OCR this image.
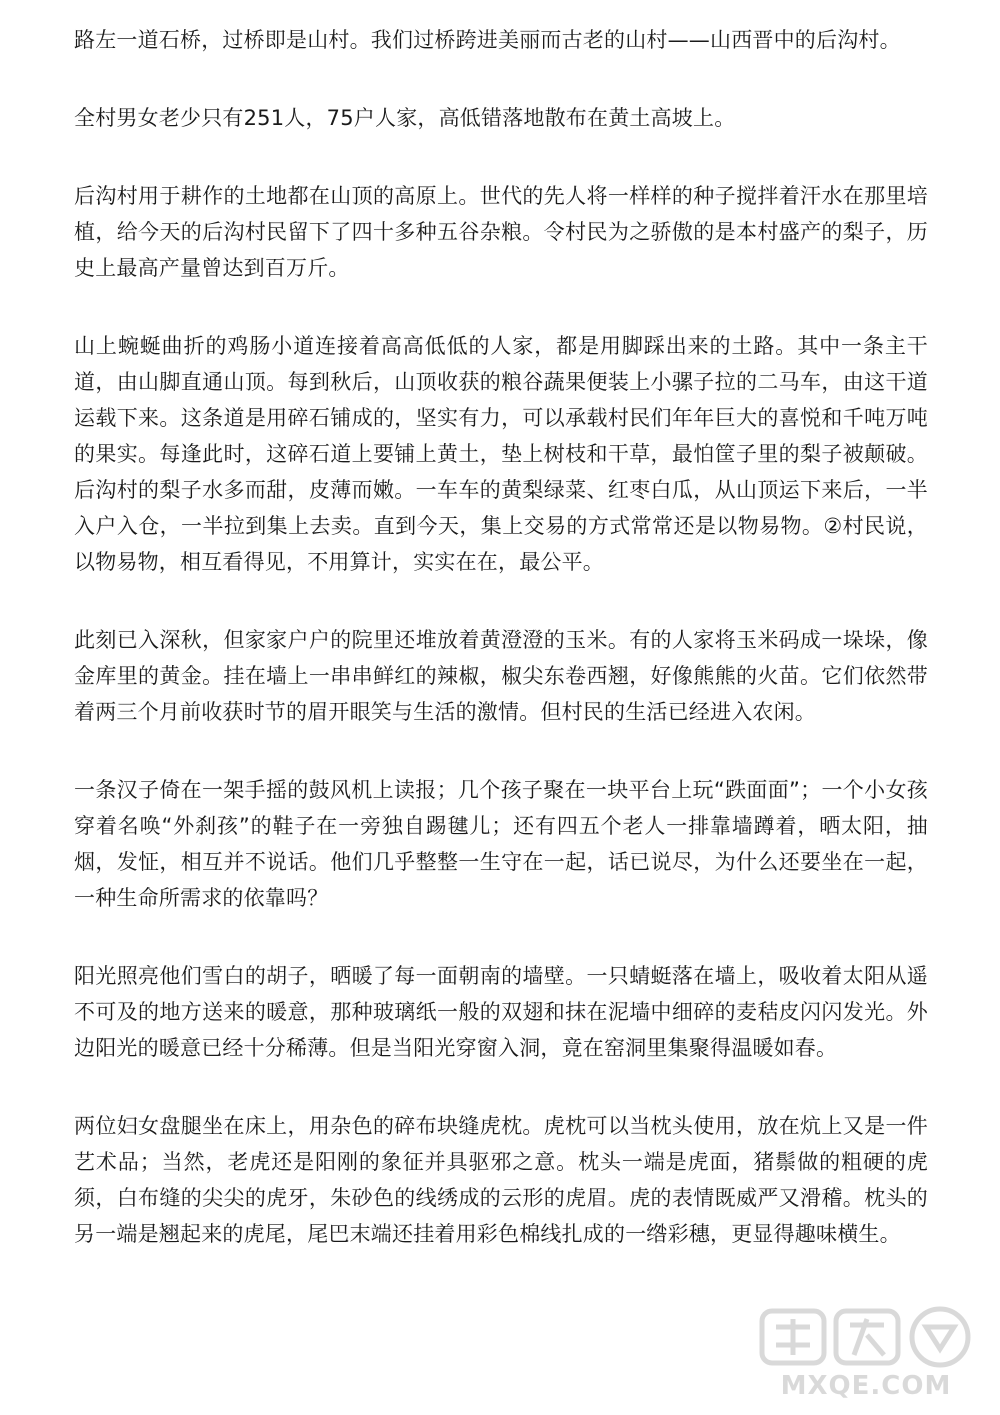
路左一道石桥，过桥即是山村。我们过桥跨进美丽而古老的山村——山西晋中的后沟村。

全村男女老少只有251人，75户人家，高低错落地散布在黄土高坡上。

后沟村用于耕作的土地都在山顶的高原上。世代的先人将一样样的种子搅拌着汗水在那里培植，给今天的后沟村民留下了四十多种五谷杂粮。令村民为之骄傲的是本村盛产的梨子，历史上最高产量曾达到百万斤。

山上蜿蜒曲折的鸡肠小道连接着高高低低的人家，都是用脚踩出来的土路。其中一条主干道，由山脚直通山顶。每到秋后，山顶收获的粮谷蔬果便装上小骡子拉的二马车，由这干道运载下来。这条道是用碎石铺成的，坚实有力，可以承载村民们年年巨大的喜悦和千吨万吨的果实。每逢此时，这碎石道上要铺上黄土，垫上树枝和干草，最怕筐子里的梨子被颠破。后沟村的梨子水多而甜，皮薄而嫩。一车车的黄梨绿菜、红枣白瓜，从山顶运下来后，一半入户入仓，一半拉到集上去卖。直到今天，集上交易的方式常常还是以物易物。②村民说，以物易物，相互看得见，不用算计，实实在在，最公平。

此刻已入深秋，但家家户户的院里还堆放着黄澄澄的玉米。有的人家将玉米码成一垛垛，像金库里的黄金。挂在墙上一串串鲜红的辣椒，椒尖东卷西翘，好像熊熊的火苗。它们依然带着两三个月前收获时节的眉开眼笑与生活的激情。但村民的生活已经进入农闲。

一条汉子倚在一架手摇的鼓风机上读报；几个孩子聚在一块平台上玩“跌面面”；一个小女孩穿着名唤“外刹孩”的鞋子在一旁独自踢毽儿；还有四五个老人一排靠墙蹲着，晒太阳，抽烟，发怔，相互并不说话。他们几乎整整一生守在一起，话已说尽，为什么还要坐在一起，一种生命所需求的依靠吗？

阳光照亮他们雪白的胡子，晒暖了每一面朝南的墙壁。一只蜻蜓落在墙上，吸收着太阳从遥不可及的地方送来的暖意，那种玻璃纸一般的双翅和抹在泥墙中细碎的麦秸皮闪闪发光。外边阳光的暖意已经十分稀薄。但是当阳光穿窗入洞，竟在窑洞里集聚得温暖如春。

两位妇女盘腿坐在床上，用杂色的碎布块缝虎枕。虎枕可以当枕头使用，放在炕上又是一件艺术品；当然，老虎还是阳刚的象征并具驱邪之意。枕头一端是虎面，猪鬃做的粗硬的虎须，白布缝的尖尖的虎牙，朱砂色的线绣成的云形的虎眉。虎的表情既威严又滑稽。枕头的另一端是翘起来的虎尾，尾巴末端还挂着用彩色棉线扎成的一绺彩穗，更显得趣味横生。

MXQE.COM
